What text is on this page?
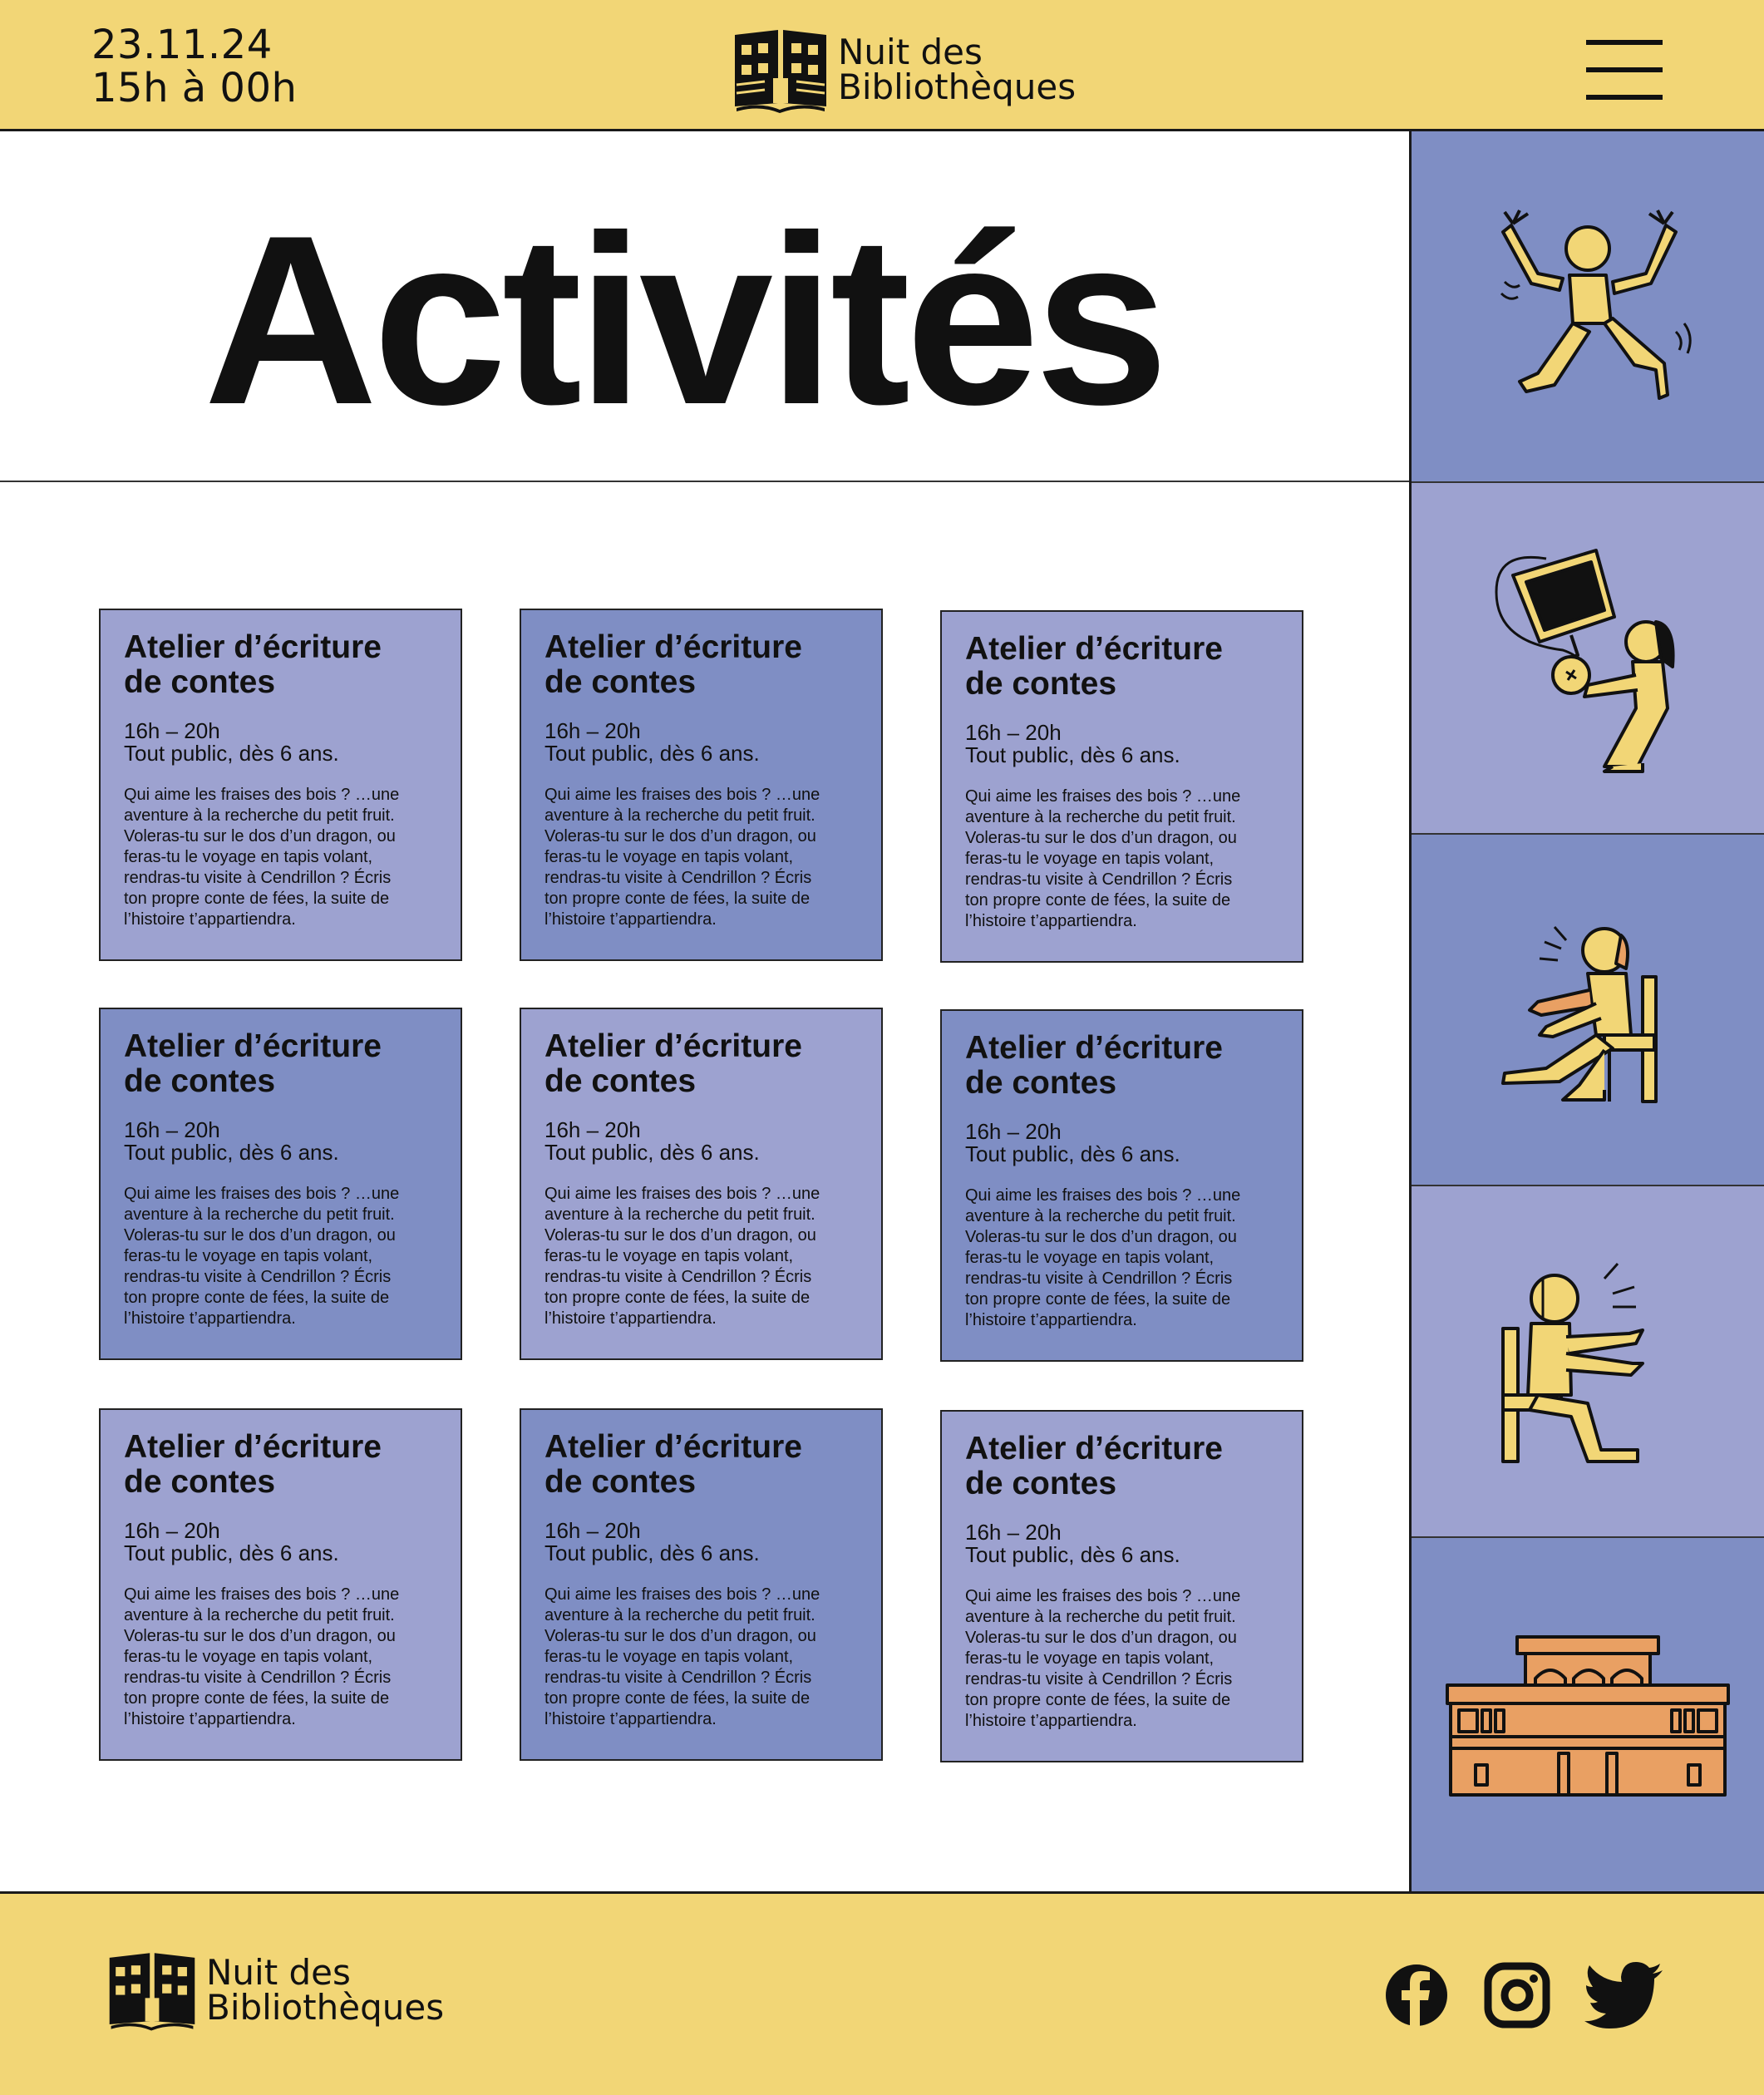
23.11.24
15h à 00h
Nuit des
Bibliothèques
Activités
Atelier d’écriture
de contes
16h – 20h
Tout public, dès 6 ans.
Qui aime les fraises des bois ? …une
aventure à la recherche du petit fruit.
Voleras-tu sur le dos d’un dragon, ou
feras-tu le voyage en tapis volant,
rendras-tu visite à Cendrillon ? Écris
ton propre conte de fées, la suite de
l’histoire t’appartiendra.
Atelier d’écriture
de contes
16h – 20h
Tout public, dès 6 ans.
Qui aime les fraises des bois ? …une
aventure à la recherche du petit fruit.
Voleras-tu sur le dos d’un dragon, ou
feras-tu le voyage en tapis volant,
rendras-tu visite à Cendrillon ? Écris
ton propre conte de fées, la suite de
l’histoire t’appartiendra.
Atelier d’écriture
de contes
16h – 20h
Tout public, dès 6 ans.
Qui aime les fraises des bois ? …une
aventure à la recherche du petit fruit.
Voleras-tu sur le dos d’un dragon, ou
feras-tu le voyage en tapis volant,
rendras-tu visite à Cendrillon ? Écris
ton propre conte de fées, la suite de
l’histoire t’appartiendra.
Atelier d’écriture
de contes
16h – 20h
Tout public, dès 6 ans.
Qui aime les fraises des bois ? …une
aventure à la recherche du petit fruit.
Voleras-tu sur le dos d’un dragon, ou
feras-tu le voyage en tapis volant,
rendras-tu visite à Cendrillon ? Écris
ton propre conte de fées, la suite de
l’histoire t’appartiendra.
Atelier d’écriture
de contes
16h – 20h
Tout public, dès 6 ans.
Qui aime les fraises des bois ? …une
aventure à la recherche du petit fruit.
Voleras-tu sur le dos d’un dragon, ou
feras-tu le voyage en tapis volant,
rendras-tu visite à Cendrillon ? Écris
ton propre conte de fées, la suite de
l’histoire t’appartiendra.
Atelier d’écriture
de contes
16h – 20h
Tout public, dès 6 ans.
Qui aime les fraises des bois ? …une
aventure à la recherche du petit fruit.
Voleras-tu sur le dos d’un dragon, ou
feras-tu le voyage en tapis volant,
rendras-tu visite à Cendrillon ? Écris
ton propre conte de fées, la suite de
l’histoire t’appartiendra.
Atelier d’écriture
de contes
16h – 20h
Tout public, dès 6 ans.
Qui aime les fraises des bois ? …une
aventure à la recherche du petit fruit.
Voleras-tu sur le dos d’un dragon, ou
feras-tu le voyage en tapis volant,
rendras-tu visite à Cendrillon ? Écris
ton propre conte de fées, la suite de
l’histoire t’appartiendra.
Atelier d’écriture
de contes
16h – 20h
Tout public, dès 6 ans.
Qui aime les fraises des bois ? …une
aventure à la recherche du petit fruit.
Voleras-tu sur le dos d’un dragon, ou
feras-tu le voyage en tapis volant,
rendras-tu visite à Cendrillon ? Écris
ton propre conte de fées, la suite de
l’histoire t’appartiendra.
Atelier d’écriture
de contes
16h – 20h
Tout public, dès 6 ans.
Qui aime les fraises des bois ? …une
aventure à la recherche du petit fruit.
Voleras-tu sur le dos d’un dragon, ou
feras-tu le voyage en tapis volant,
rendras-tu visite à Cendrillon ? Écris
ton propre conte de fées, la suite de
l’histoire t’appartiendra.
Nuit des
Bibliothèques
